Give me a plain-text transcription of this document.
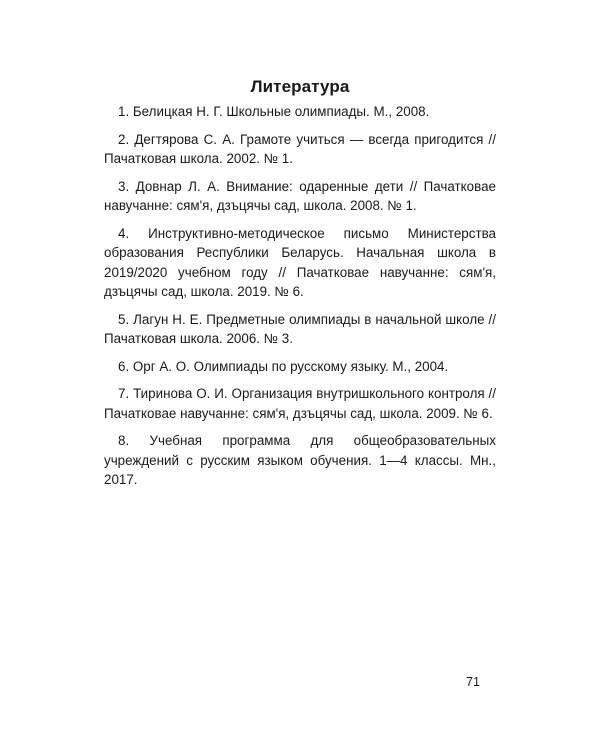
Литература
1. Белицкая Н. Г. Школьные олимпиады. М., 2008.
2. Дегтярова С. А. Грамоте учиться — всегда пригодится // Пачатковая школа. 2002. № 1.
3. Довнар Л. А. Внимание: одаренные дети // Пачатковае навучанне: сям'я, дзъцячы сад, школа. 2008. № 1.
4. Инструктивно-методическое письмо Министерства образования Республики Беларусь. Начальная школа в 2019/2020 учебном году // Пачатковае навучанне: сям'я, дзъцячы сад, школа. 2019. № 6.
5. Лагун Н. Е. Предметные олимпиады в начальной школе // Пачатковая школа. 2006. № 3.
6. Орг А. О. Олимпиады по русскому языку. М., 2004.
7. Тиринова О. И. Организация внутришкольного контроля // Пачатковае навучанне: сям'я, дзъцячы сад, школа. 2009. № 6.
8. Учебная программа для общеобразовательных учреждений с русским языком обучения. 1—4 классы. Мн., 2017.
71
